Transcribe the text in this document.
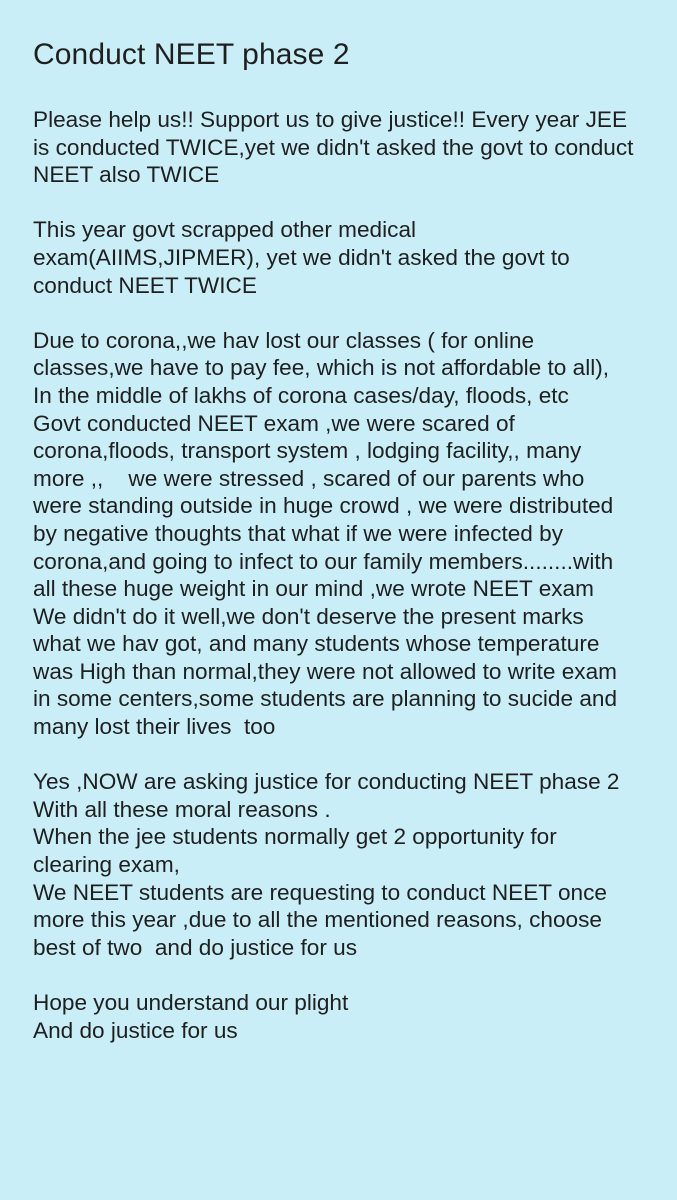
Conduct NEET phase 2
Please help us!! Support us to give justice!! Every year JEE
is conducted TWICE,yet we didn't asked the govt to conduct
NEET also TWICE
This year govt scrapped other medical
exam(AIIMS,JIPMER), yet we didn't asked the govt to
conduct NEET TWICE
Due to corona,,we hav lost our classes ( for online
classes,we have to pay fee, which is not affordable to all),
In the middle of lakhs of corona cases/day, floods, etc
Govt conducted NEET exam ,we were scared of
corona,floods, transport system , lodging facility,, many
more ,,    we were stressed , scared of our parents who
were standing outside in huge crowd , we were distributed
by negative thoughts that what if we were infected by
corona,and going to infect to our family members........with
all these huge weight in our mind ,we wrote NEET exam
We didn't do it well,we don't deserve the present marks
what we hav got, and many students whose temperature
was High than normal,they were not allowed to write exam
in some centers,some students are planning to sucide and
many lost their lives  too
Yes ,NOW are asking justice for conducting NEET phase 2
With all these moral reasons .
When the jee students normally get 2 opportunity for
clearing exam,
We NEET students are requesting to conduct NEET once
more this year ,due to all the mentioned reasons, choose
best of two  and do justice for us
Hope you understand our plight
And do justice for us
